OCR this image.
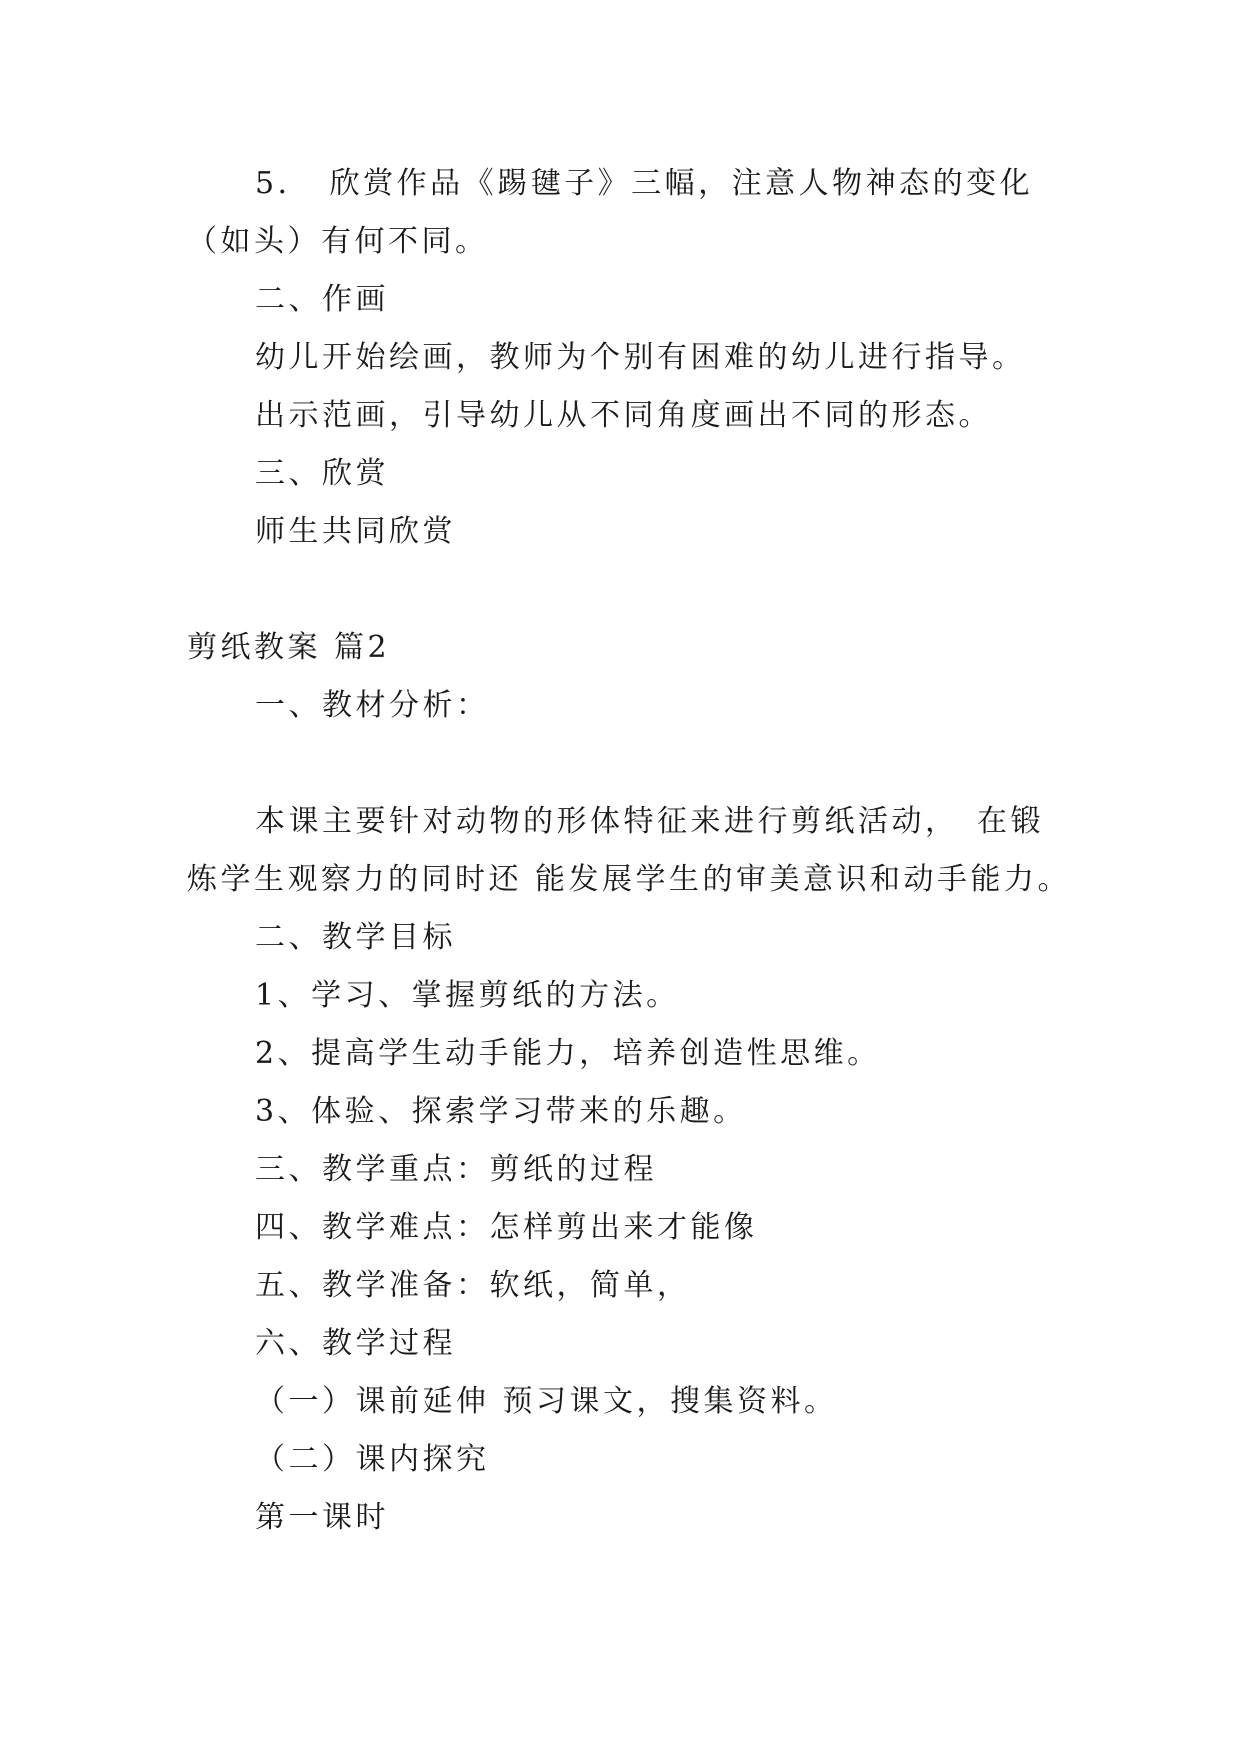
5．　欣赏作品《踢毽子》三幅，注意人物神态的变化
（如头）有何不同。
二、作画
幼儿开始绘画，教师为个别有困难的幼儿进行指导。
出示范画，引导幼儿从不同角度画出不同的形态。
三、欣赏
师生共同欣赏
剪纸教案 篇2
一、教材分析：
本课主要针对动物的形体特征来进行剪纸活动，　在锻
炼学生观察力的同时还 能发展学生的审美意识和动手能力。
二、教学目标
1、学习、掌握剪纸的方法。
2、提高学生动手能力，培养创造性思维。
3、体验、探索学习带来的乐趣。
三、教学重点：剪纸的过程
四、教学难点：怎样剪出来才能像
五、教学准备：软纸，简单，
六、教学过程
（一）课前延伸 预习课文，搜集资料。
（二）课内探究
第一课时
